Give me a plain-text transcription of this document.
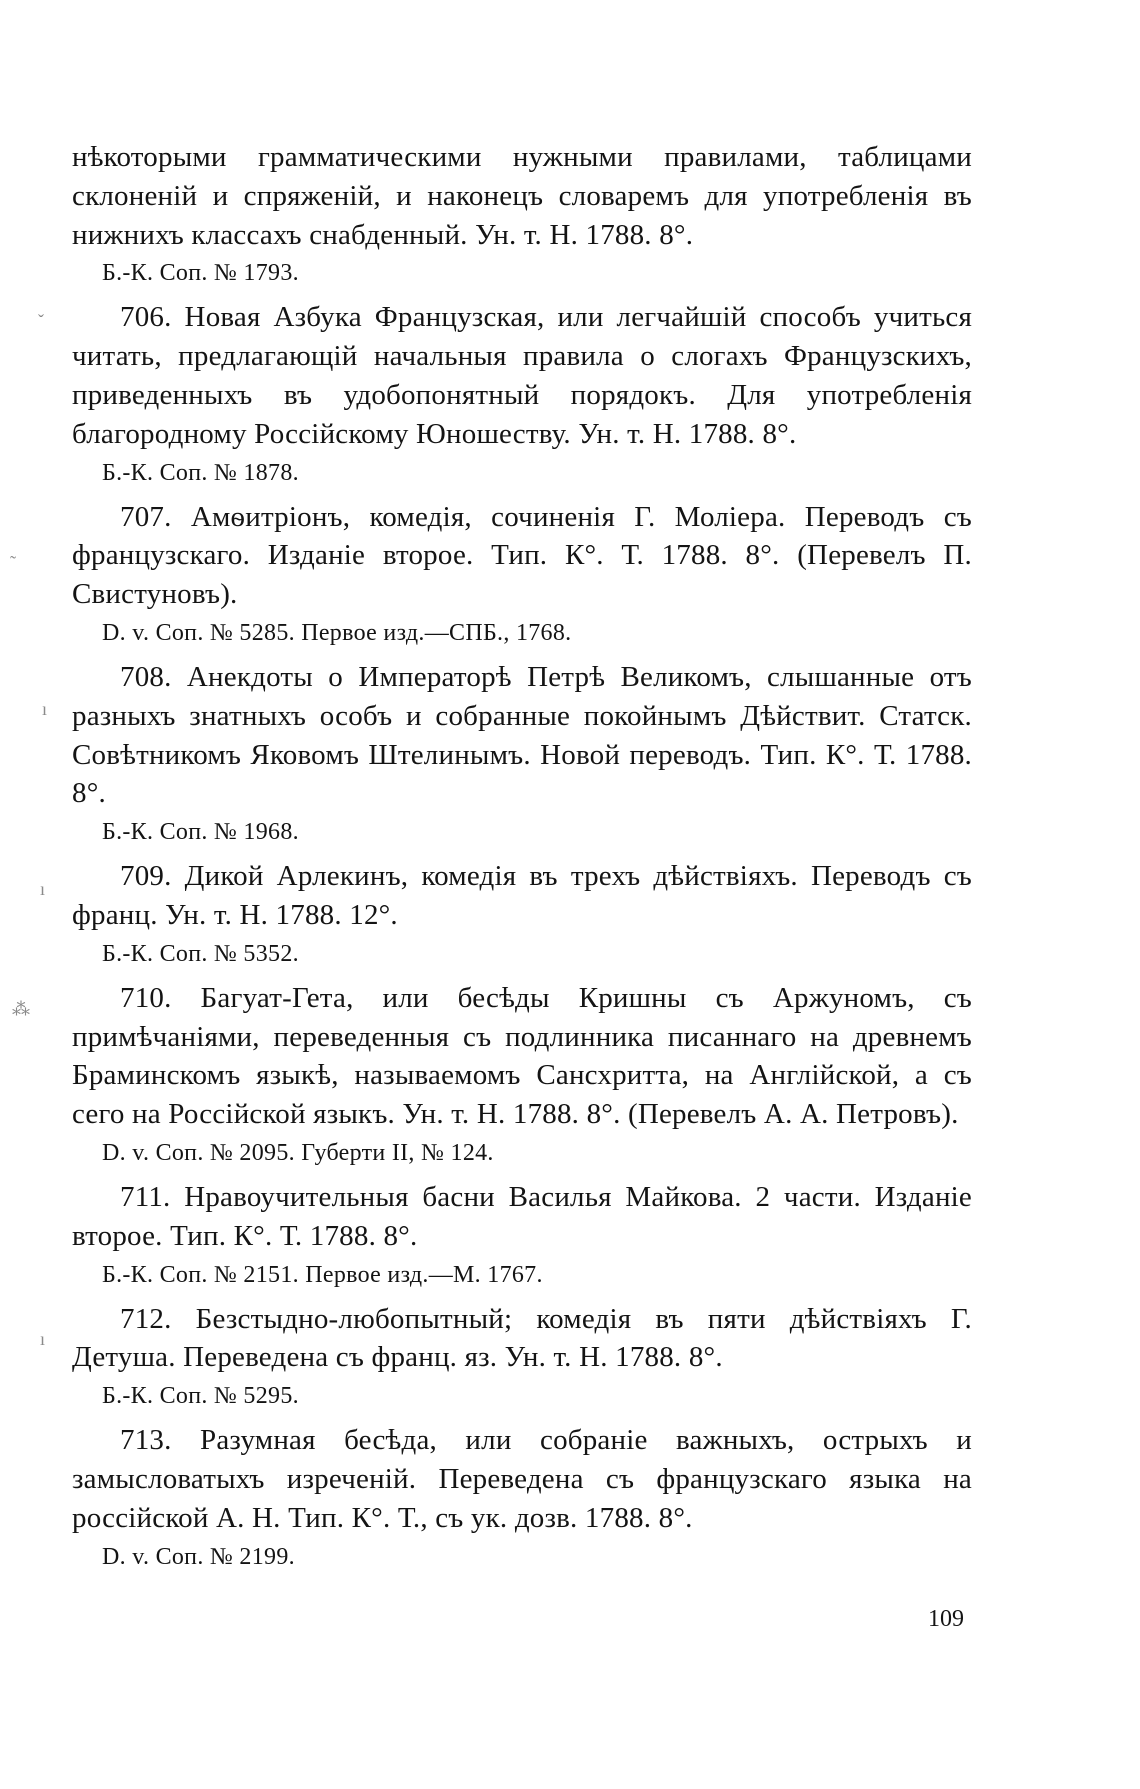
нѣкоторыми грамматическими нужными правилами, таблицами склоненій и спряженій, и наконецъ словаремъ для употребленія въ нижнихъ классахъ снабденный. Ун. т. Н. 1788. 8°.

Б.-К. Соп. № 1793.

706. Новая Азбука Французская, или легчайшій способъ учиться читать, предлагающій начальныя правила о слогахъ Французскихъ, приведенныхъ въ удобопонятный порядокъ. Для употребленія благородному Россійскому Юношеству. Ун. т. Н. 1788. 8°.

Б.-К. Соп. № 1878.

707. Амѳитріонъ, комедія, сочиненія Г. Моліера. Переводъ съ французскаго. Изданіе второе. Тип. К°. Т. 1788. 8°. (Перевелъ П. Свистуновъ).

D. v. Соп. № 5285. Первое изд.—СПБ., 1768.

708. Анекдоты о Императорѣ Петрѣ Великомъ, слышанные отъ разныхъ знатныхъ особъ и собранные покойнымъ Дѣйствит. Статск. Совѣтникомъ Яковомъ Штелинымъ. Новой переводъ. Тип. К°. Т. 1788. 8°.

Б.-К. Соп. № 1968.

709. Дикой Арлекинъ, комедія въ трехъ дѣйствіяхъ. Переводъ съ франц. Ун. т. Н. 1788. 12°.

Б.-К. Соп. № 5352.

710. Багуат-Гета, или бесѣды Кришны съ Аржуномъ, съ примѣчаніями, переведенныя съ подлинника писаннаго на древнемъ Браминскомъ языкѣ, называемомъ Сансхритта, на Англійской, а съ сего на Россійской языкъ. Ун. т. Н. 1788. 8°. (Перевелъ А. А. Петровъ).

D. v. Соп. № 2095. Губерти II, № 124.

711. Нравоучительныя басни Василья Майкова. 2 части. Изданіе второе. Тип. К°. Т. 1788. 8°.

Б.-К. Соп. № 2151. Первое изд.—М. 1767.

712. Безстыдно-любопытный; комедія въ пяти дѣйствіяхъ Г. Детуша. Переведена съ франц. яз. Ун. т. Н. 1788. 8°.

Б.-К. Соп. № 5295.

713. Разумная бесѣда, или собраніе важныхъ, острыхъ и замысловатыхъ изреченій. Переведена съ французскаго языка на россійской А. Н. Тип. К°. Т., съ ук. дозв. 1788. 8°.

D. v. Соп. № 2199.

109
ˇ
˷
ı
ı
⁂
ı
